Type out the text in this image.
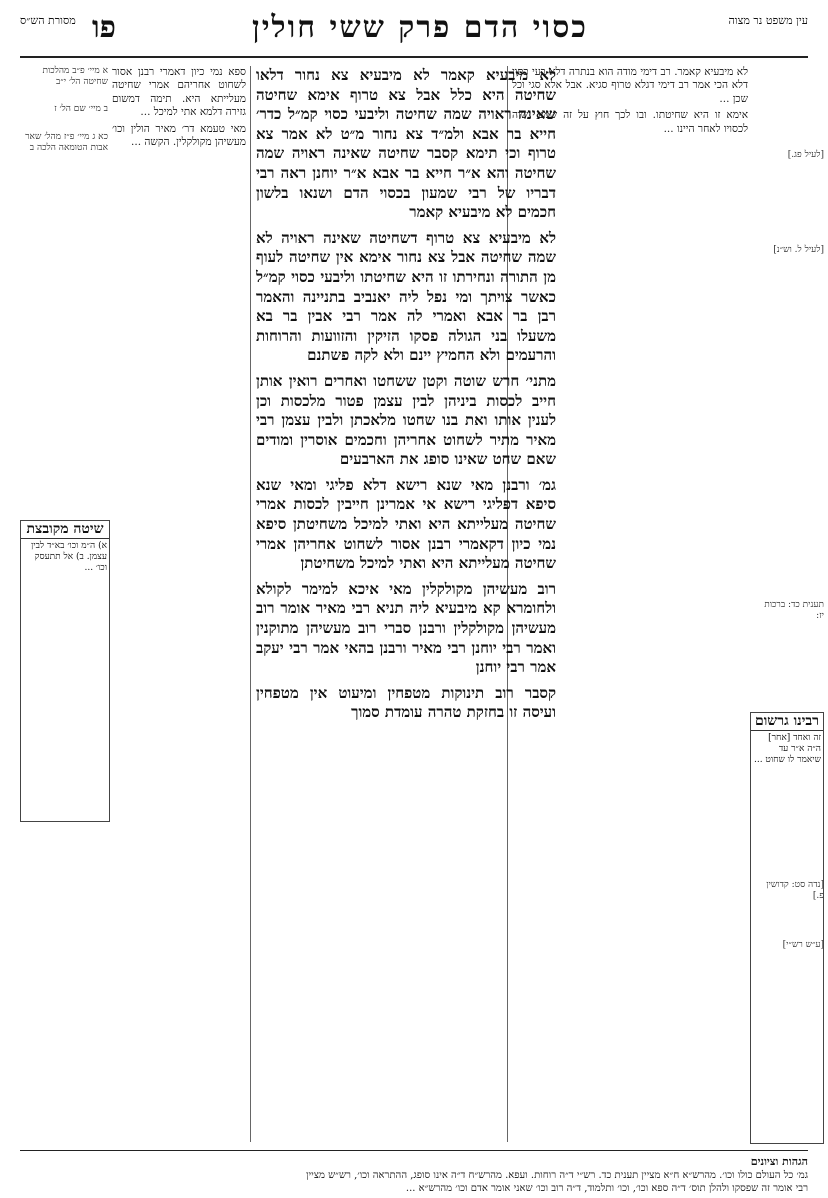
עין משפט נר מצוה
פו	כסוי הדם פרק ששי חולין
מסורת הש״ס
[לעיל פג.]
[לעיל ל. וש״נ]
תענית כד: ברכות יז:
[נדה סט: קדושין פ.]
[ע״ש רש״י]
א מיי׳ פ״ב מהלכות שחיטה הל׳ י״ב
ב מיי׳ שם הל׳ ז
כא ג מיי׳ פ״ז מהל׳ שאר אבות הטומאה הלכה ב

לא מיבעיא קאמר. רב דימי מודה הוא בנתרה דלא בעי כסוי דלא הכי אמר רב דימי דגלא טרוף סגיא. אבל אלא סגי וכל שכן ...

אימא זו היא שחיטתו. ובו לכך חוץ על זה שמע נשוה לכסויו לאחר היינו ...

רבינו גרשום
זה ואחד [אחר] ה״ה א״ר עד שיאמר לו שחוט ...

לא מיבעיא קאמר לא מיבעיא צא נחור דלאו שחיטה היא כלל אבל צא טרוף אימא שחיטה שאינה ראויה שמה שחיטה וליבעי כסוי קמ״ל כדר׳ חייא בר אבא ולמ״ד צא נחור מ״ט לא אמר צא טרוף וכי תימא קסבר שחיטה שאינה ראויה שמה שחיטה והא א״ר חייא בר אבא א״ר יוחנן ראה רבי דבריו של רבי שמעון בכסוי הדם ושנאו בלשון חכמים לא מיבעיא קאמר

לא מיבעיא צא טרוף דשחיטה שאינה ראויה לא שמה שחיטה אבל צא נחור אימא אין שחיטה לעוף מן התורה ונחירתו זו היא שחיטתו וליבעי כסוי קמ״ל כאשר צויתך ומי נפל ליה יאנביב בתניינה והאמר רבן בר אבא ואמרי לה אמר רבי אבין בר בא משעלו בני הגולה פסקו הזיקין והזוועות והרוחות והרעמים ולא החמיץ יינם ולא לקה פשתנם

מתני׳ חרש שוטה וקטן ששחטו ואחרים רואין אותן חייב לכסות ביניהן לבין עצמן פטור מלכסות וכן לענין אותו ואת בנו שחטו מלאכתן ולבין עצמן רבי מאיר מתיר לשחוט אחריהן וחכמים אוסרין ומודים שאם שחט שאינו סופג את הארבעים

גמ׳ ורבנן מאי שנא רישא דלא פליגי ומאי שנא סיפא דפליגי רישא אי אמרינן חייבין לכסות אמרי שחיטה מעלייתא היא ואתי למיכל משחיטתן סיפא נמי כיון דקאמרי רבנן אסור לשחוט אחריהן אמרי שחיטה מעלייתא היא ואתי למיכל משחיטתן

רוב מעשיהן מקולקלין מאי איכא למימר לקולא ולחומרא קא מיבעיא ליה תניא רבי מאיר אומר רוב מעשיהן מקולקלין ורבנן סברי רוב מעשיהן מתוקנין ואמר רבי יוחנן רבי מאיר ורבנן בהאי אמר רבי יעקב אמר רבי יוחנן

קסבר רוב תינוקות מטפחין ומיעוט אין מטפחין ועיסה זו בחזקת טהרה עומדת סמוך

ספא נמי כיון דאמרי רבנן אסור לשחוט אחריהם אמרי שחיטה מעלייתא היא. תימה דמשום גזירה דלמא אתי למיכל ...

מאי טעמא דר׳ מאיר הולין וכו׳ מעשיהן מקולקלין. הקשה ...

שיטה מקובצת
א) ה״מ וכו׳ בא״ד לבין עצמן. ב) אל תתעסק וכו׳ ...
הגהות וציונים
גמ׳ כל העולם כולו וכו׳. מהרש״א ח״א מציין תענית כד. רש״י ד״ה רוחות. ועפא. מהרש״ח ד״ה אינו סופג, ההתראה וכו׳, רש״ש מציין
רבי אומר זה שפסקו ולהלן תוס׳ ד״ה ספא וכו׳, וכו׳ ותלמוד, ד״ה רוב וכו׳ שאני אומר אדם וכו׳ מהרש״א ...
